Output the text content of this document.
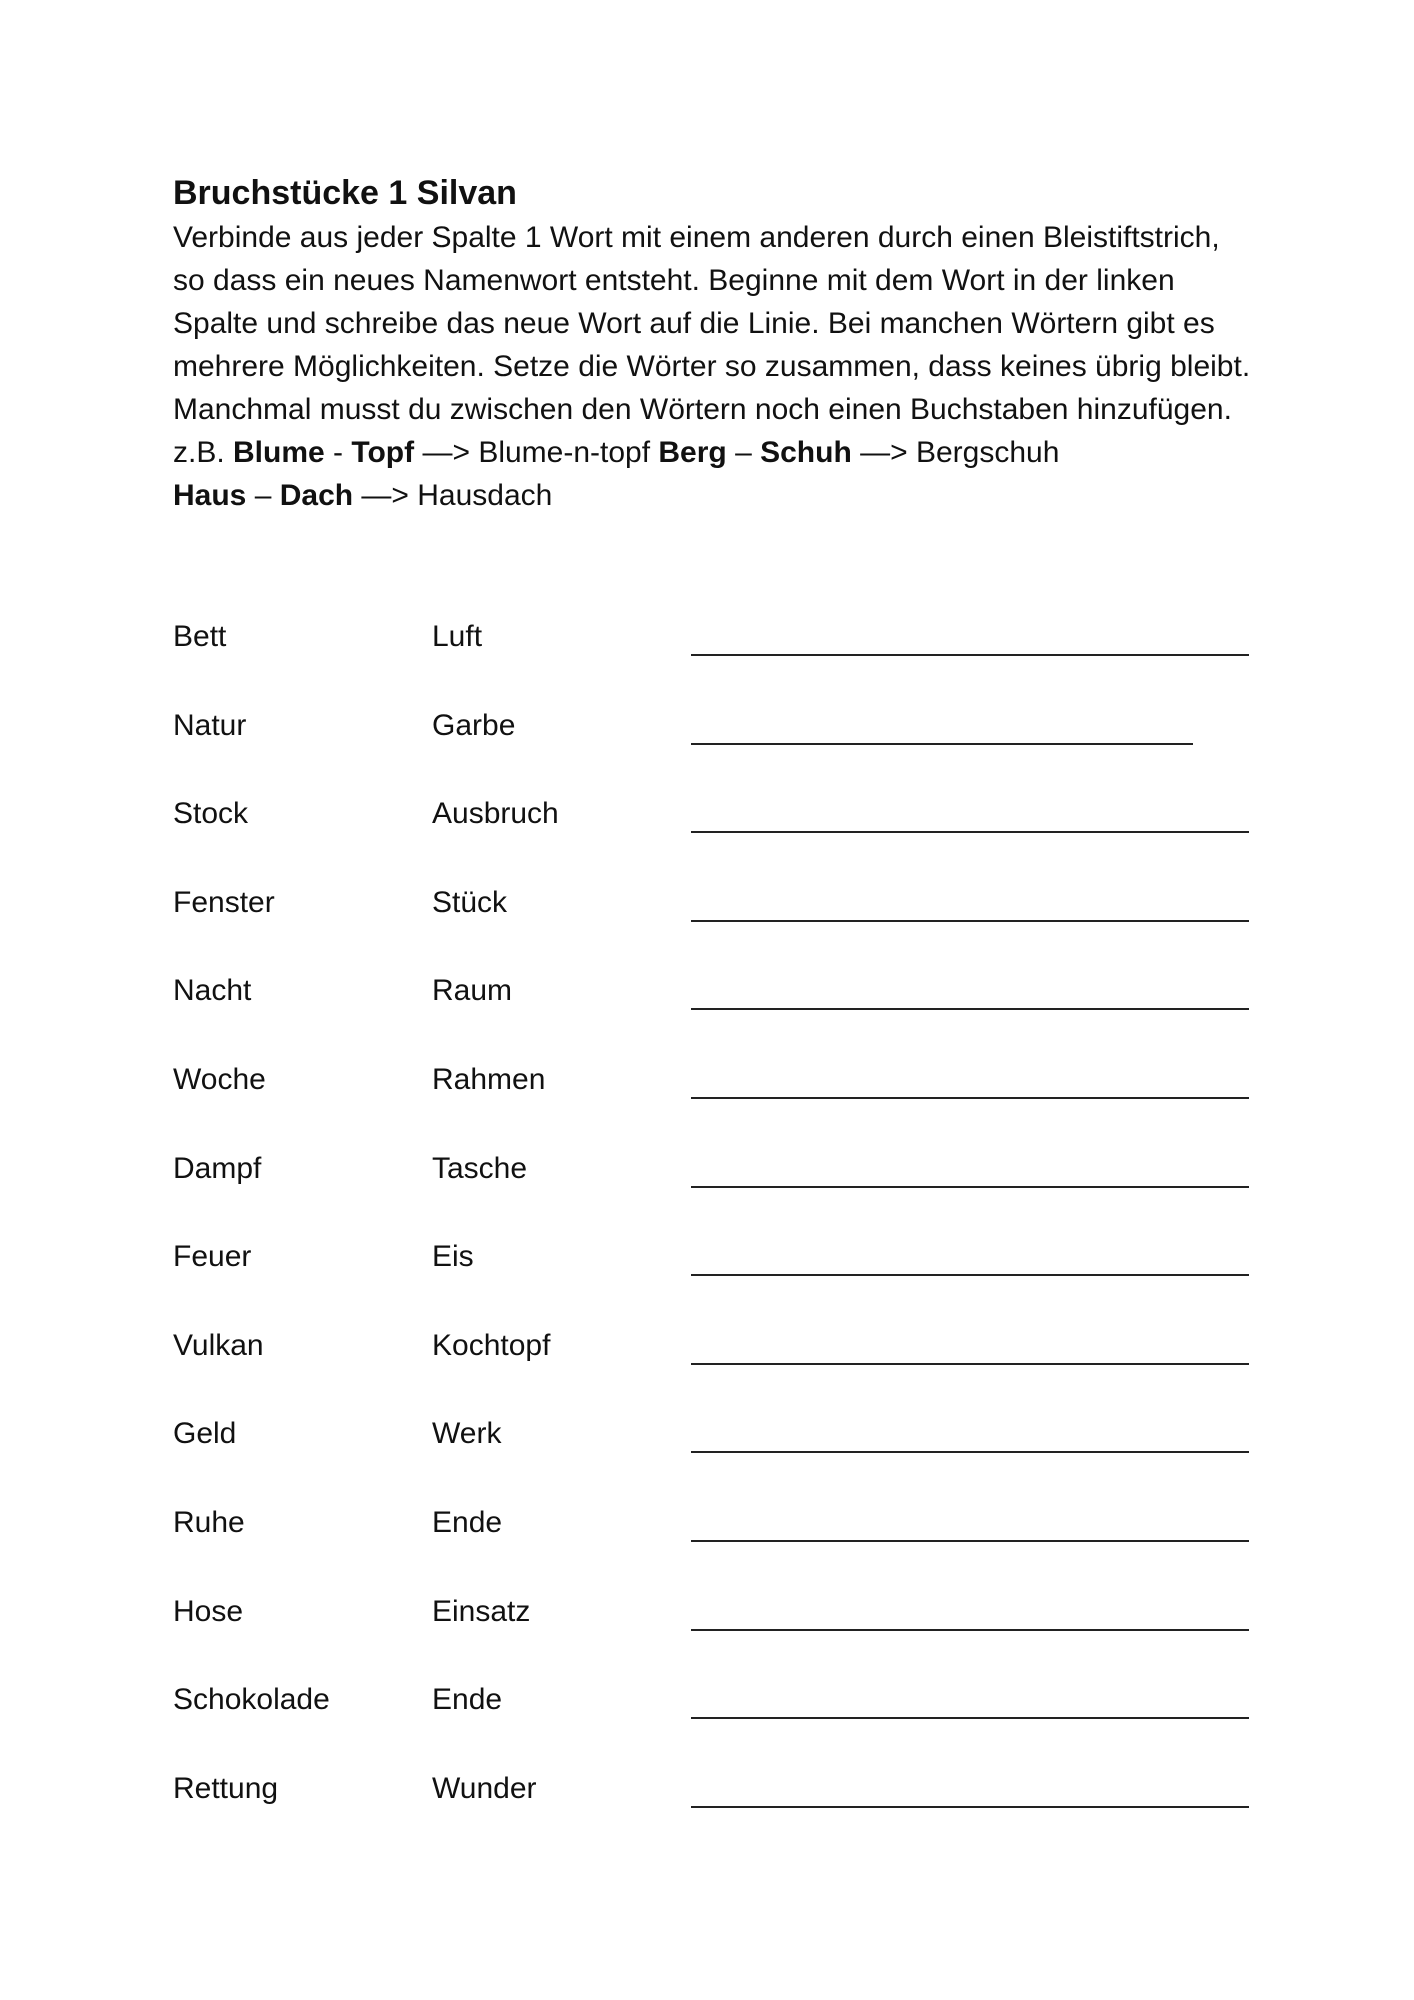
Bruchstücke 1 Silvan

Verbinde aus jeder Spalte 1 Wort mit einem anderen durch einen Bleistiftstrich, so dass ein neues Namenwort entsteht. Beginne mit dem Wort in der linken Spalte und schreibe das neue Wort auf die Linie. Bei manchen Wörtern gibt es mehrere Möglichkeiten. Setze die Wörter so zusammen, dass keines übrig bleibt. Manchmal musst du zwischen den Wörtern noch einen Buchstaben hinzufügen.

z.B. Blume - Topf —> Blume-n-topf Berg – Schuh —> Bergschuh
Haus – Dach —> Hausdach
Bett	Luft
Natur	Garbe
Stock	Ausbruch
Fenster	Stück
Nacht	Raum
Woche	Rahmen
Dampf	Tasche
Feuer	Eis
Vulkan	Kochtopf
Geld	Werk
Ruhe	Ende
Hose	Einsatz
Schokolade	Ende
Rettung	Wunder
